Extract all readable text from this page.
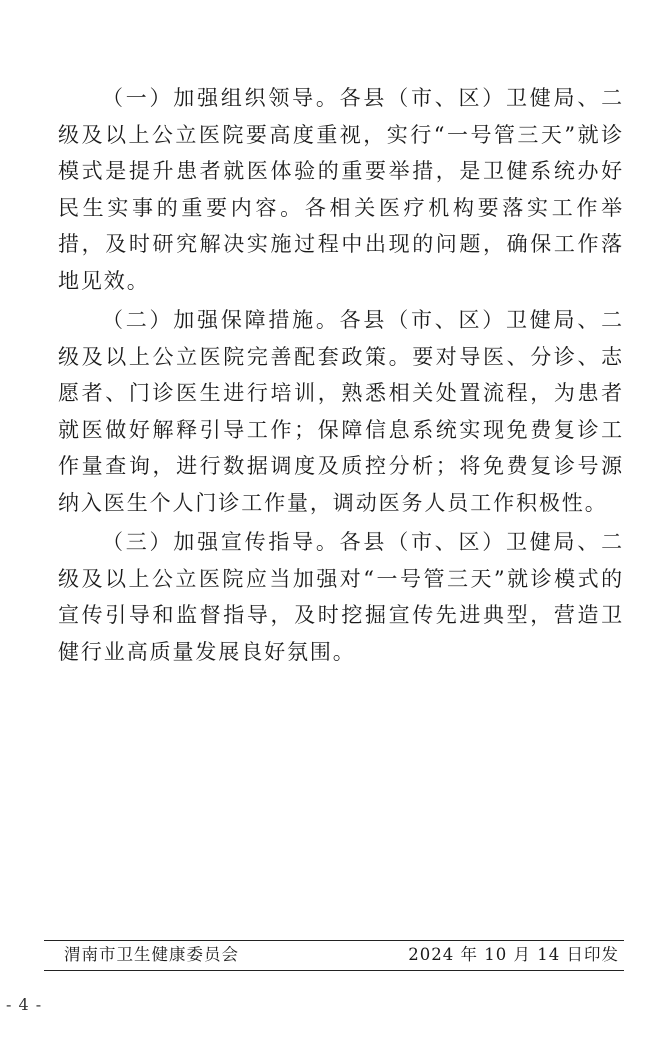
（一）加强组织领导。各县（市、区）卫健局、二级及以上公立医院要高度重视，实行“一号管三天”就诊模式是提升患者就医体验的重要举措，是卫健系统办好民生实事的重要内容。各相关医疗机构要落实工作举措，及时研究解决实施过程中出现的问题，确保工作落地见效。

（二）加强保障措施。各县（市、区）卫健局、二级及以上公立医院完善配套政策。要对导医、分诊、志愿者、门诊医生进行培训，熟悉相关处置流程，为患者就医做好解释引导工作；保障信息系统实现免费复诊工作量查询，进行数据调度及质控分析；将免费复诊号源纳入医生个人门诊工作量，调动医务人员工作积极性。

（三）加强宣传指导。各县（市、区）卫健局、二级及以上公立医院应当加强对“一号管三天”就诊模式的宣传引导和监督指导，及时挖掘宣传先进典型，营造卫健行业高质量发展良好氛围。

渭南市卫生健康委员会	2024 年 10 月 14 日印发
- 4 -
